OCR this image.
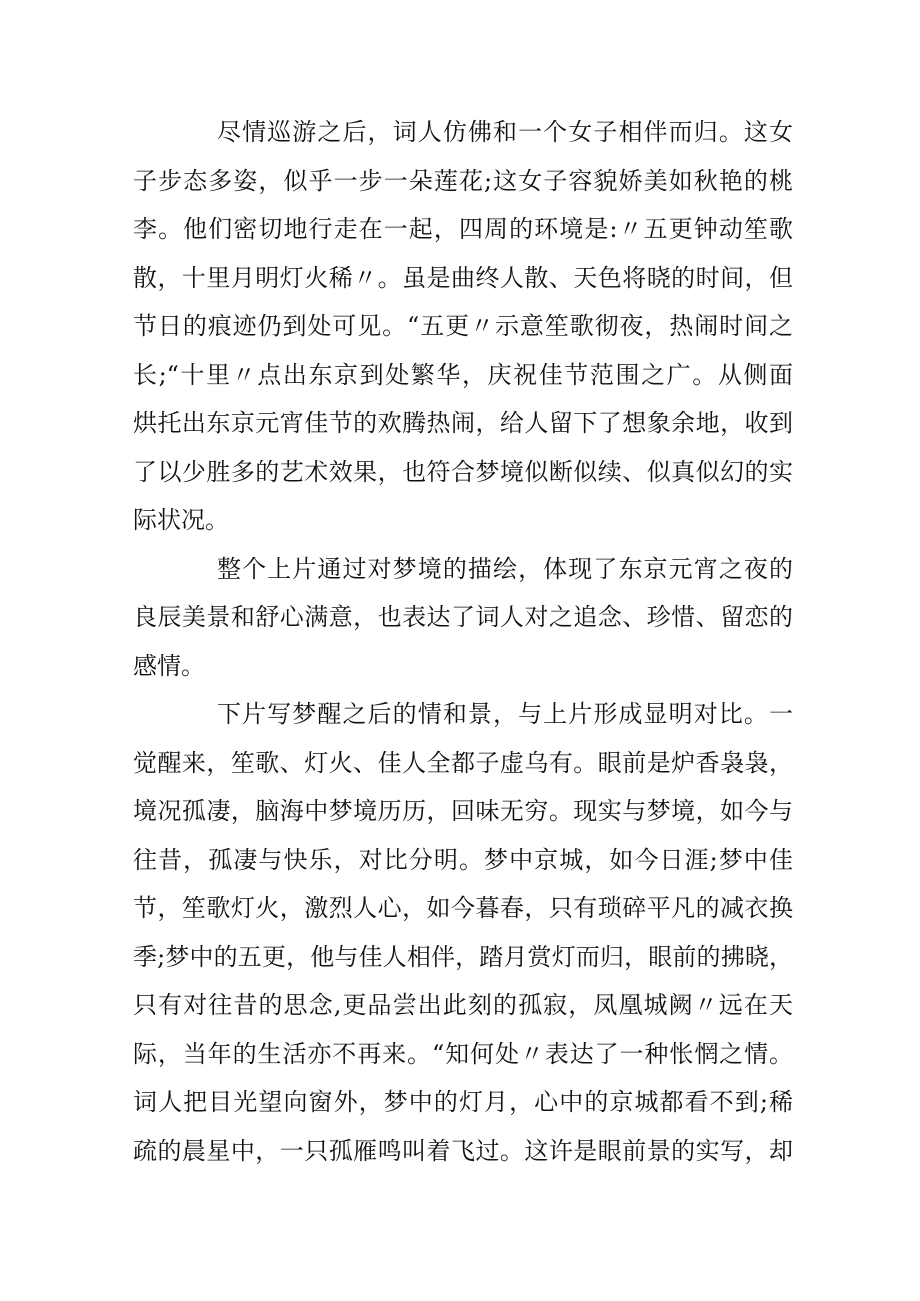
尽情巡游之后，词人仿佛和一个女子相伴而归。这女
子步态多姿，似乎一步一朵莲花;这女子容貌娇美如秋艳的桃
李。他们密切地行走在一起，四周的环境是:〃五更钟动笙歌
散，十里月明灯火稀〃。虽是曲终人散、天色将晓的时间，但
节日的痕迹仍到处可见。“五更〃示意笙歌彻夜，热闹时间之
长;“十里〃点出东京到处繁华，庆祝佳节范围之广。从侧面
烘托出东京元宵佳节的欢腾热闹，给人留下了想象余地，收到
了以少胜多的艺术效果，也符合梦境似断似续、似真似幻的实
际状况。
整个上片通过对梦境的描绘，体现了东京元宵之夜的
良辰美景和舒心满意，也表达了词人对之追念、珍惜、留恋的
感情。
下片写梦醒之后的情和景，与上片形成显明对比。一
觉醒来，笙歌、灯火、佳人全都子虚乌有。眼前是炉香袅袅，
境况孤凄，脑海中梦境历历，回味无穷。现实与梦境，如今与
往昔，孤凄与快乐，对比分明。梦中京城，如今日涯;梦中佳
节，笙歌灯火，激烈人心，如今暮春，只有琐碎平凡的减衣换
季;梦中的五更，他与佳人相伴，踏月赏灯而归，眼前的拂晓，
只有对往昔的思念,更品尝出此刻的孤寂，凤凰城阙〃远在天
际，当年的生活亦不再来。“知何处〃表达了一种怅惘之情。
词人把目光望向窗外，梦中的灯月，心中的京城都看不到;稀
疏的晨星中，一只孤雁鸣叫着飞过。这许是眼前景的实写，却
